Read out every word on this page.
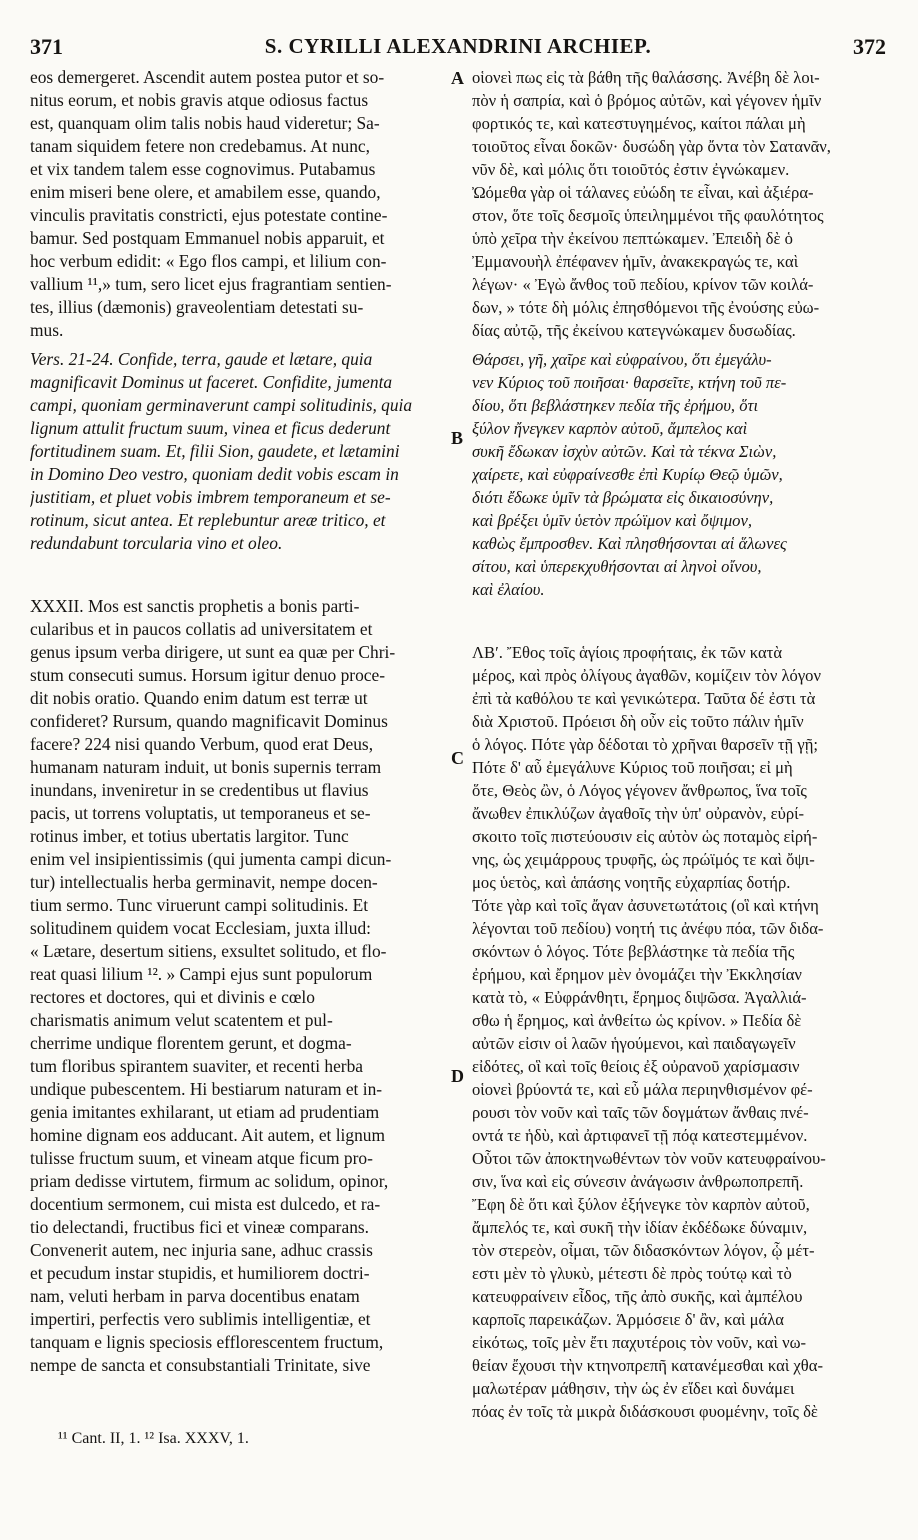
371	S. CYRILLI ALEXANDRINI ARCHIEP.	372
A
B
C
D
eos demergeret. Ascendit autem postea putor et so-
nitus eorum, et nobis gravis atque odiosus factus
est, quanquam olim talis nobis haud videretur; Sa-
tanam siquidem fetere non credebamus. At nunc,
et vix tandem talem esse cognovimus. Putabamus
enim miseri bene olere, et amabilem esse, quando,
vinculis pravitatis constricti, ejus potestate contine-
bamur. Sed postquam Emmanuel nobis apparuit, et
hoc verbum edidit: « Ego flos campi, et lilium con-
vallium ¹¹,» tum, sero licet ejus fragrantiam sentien-
tes, illius (dæmonis) graveolentiam detestati su-
mus.
Vers. 21-24. Confide, terra, gaude et lætare, quia
magnificavit Dominus ut faceret. Confidite, jumenta
campi, quoniam germinaverunt campi solitudinis, quia
lignum attulit fructum suum, vinea et ficus dederunt
fortitudinem suam. Et, filii Sion, gaudete, et lætamini
in Domino Deo vestro, quoniam dedit vobis escam in
justitiam, et pluet vobis imbrem temporaneum et se-
rotinum, sicut antea. Et replebuntur areæ tritico, et
redundabunt torcularia vino et oleo.
XXXII. Mos est sanctis prophetis a bonis parti-
cularibus et in paucos collatis ad universitatem et
genus ipsum verba dirigere, ut sunt ea quæ per Chri-
stum consecuti sumus. Horsum igitur denuo proce-
dit nobis oratio. Quando enim datum est terræ ut
confideret? Rursum, quando magnificavit Dominus
facere? 224 nisi quando Verbum, quod erat Deus,
humanam naturam induit, ut bonis supernis terram
inundans, inveniretur in se credentibus ut flavius
pacis, ut torrens voluptatis, ut temporaneus et se-
rotinus imber, et totius ubertatis largitor. Tunc
enim vel insipientissimis (qui jumenta campi dicun-
tur) intellectualis herba germinavit, nempe docen-
tium sermo. Tunc viruerunt campi solitudinis. Et
solitudinem quidem vocat Ecclesiam, juxta illud:
« Lætare, desertum sitiens, exsultet solitudo, et flo-
reat quasi lilium ¹². » Campi ejus sunt populorum
rectores et doctores, qui et divinis e cœlo
charismatis animum velut scatentem et pul-
cherrime undique florentem gerunt, et dogma-
tum floribus spirantem suaviter, et recenti herba
undique pubescentem. Hi bestiarum naturam et in-
genia imitantes exhilarant, ut etiam ad prudentiam
homine dignam eos adducant. Ait autem, et lignum
tulisse fructum suum, et vineam atque ficum pro-
priam dedisse virtutem, firmum ac solidum, opinor,
docentium sermonem, cui mista est dulcedo, et ra-
tio delectandi, fructibus fici et vineæ comparans.
Convenerit autem, nec injuria sane, adhuc crassis
et pecudum instar stupidis, et humiliorem doctri-
nam, veluti herbam in parva docentibus enatam
impertiri, perfectis vero sublimis intelligentiæ, et
tanquam e lignis speciosis efflorescentem fructum,
nempe de sancta et consubstantiali Trinitate, sive
οἱονεὶ πως εἰς τὰ βάθη τῆς θαλάσσης. Ἀνέβη δὲ λοι-
πὸν ἡ σαπρία, καὶ ὁ βρόμος αὐτῶν, καὶ γέγονεν ἡμῖν
φορτικός τε, καὶ κατεστυγημένος, καίτοι πάλαι μὴ
τοιοῦτος εἶναι δοκῶν· δυσώδη γὰρ ὄντα τὸν Σατανᾶν,
νῦν δὲ, καὶ μόλις ὅτι τοιοῦτός ἐστιν ἐγνώκαμεν.
Ὠόμεθα γὰρ οἱ τάλανες εὐώδη τε εἶναι, καὶ ἀξιέρα-
στον, ὅτε τοῖς δεσμοῖς ὑπειλημμένοι τῆς φαυλότητος
ὑπὸ χεῖρα τὴν ἐκείνου πεπτώκαμεν. Ἐπειδὴ δὲ ὁ
Ἐμμανουὴλ ἐπέφανεν ἡμῖν, ἀνακεκραγώς τε, καὶ
λέγων· « Ἐγὼ ἄνθος τοῦ πεδίου, κρίνον τῶν κοιλά-
δων, » τότε δὴ μόλις ἐπησθόμενοι τῆς ἐνούσης εὐω-
δίας αὐτῷ, τῆς ἐκείνου κατεγνώκαμεν δυσωδίας.
Θάρσει, γῆ, χαῖρε καὶ εὐφραίνου, ὅτι ἐμεγάλυ-
νεν Κύριος τοῦ ποιῆσαι· θαρσεῖτε, κτήνη τοῦ πε-
δίου, ὅτι βεβλάστηκεν πεδία τῆς ἐρήμου, ὅτι
ξύλον ἤνεγκεν καρπὸν αὐτοῦ, ἄμπελος καὶ
συκῆ ἔδωκαν ἰσχὺν αὐτῶν. Καὶ τὰ τέκνα Σιὼν,
χαίρετε, καὶ εὐφραίνεσθε ἐπὶ Κυρίῳ Θεῷ ὑμῶν,
διότι ἔδωκε ὑμῖν τὰ βρώματα εἰς δικαιοσύνην,
καὶ βρέξει ὑμῖν ὑετὸν πρώϊμον καὶ ὄψιμον,
καθὼς ἔμπροσθεν. Καὶ πλησθήσονται αἱ ἅλωνες
σίτου, καὶ ὑπερεκχυθήσονται αἱ ληνοὶ οἴνου,
καὶ ἐλαίου.
ΛΒʹ. Ἔθος τοῖς ἁγίοις προφήταις, ἐκ τῶν κατὰ
μέρος, καὶ πρὸς ὀλίγους ἀγαθῶν, κομίζειν τὸν λόγον
ἐπὶ τὰ καθόλου τε καὶ γενικώτερα. Ταῦτα δέ ἐστι τὰ
διὰ Χριστοῦ. Πρόεισι δὴ οὖν εἰς τοῦτο πάλιν ἡμῖν
ὁ λόγος. Πότε γὰρ δέδοται τὸ χρῆναι θαρσεῖν τῇ γῇ;
Πότε δ' αὖ ἐμεγάλυνε Κύριος τοῦ ποιῆσαι; εἰ μὴ
ὅτε, Θεὸς ὢν, ὁ Λόγος γέγονεν ἄνθρωπος, ἵνα τοῖς
ἄνωθεν ἐπικλύζων ἀγαθοῖς τὴν ὑπ' οὐρανὸν, εὑρί-
σκοιτο τοῖς πιστεύουσιν εἰς αὐτὸν ὡς ποταμὸς εἰρή-
νης, ὡς χειμάρρους τρυφῆς, ὡς πρώϊμός τε καὶ ὄψι-
μος ὑετὸς, καὶ ἁπάσης νοητῆς εὐχαρπίας δοτήρ.
Τότε γὰρ καὶ τοῖς ἄγαν ἀσυνετωτάτοις (οἳ καὶ κτήνη
λέγονται τοῦ πεδίου) νοητή τις ἀνέφυ πόα, τῶν διδα-
σκόντων ὁ λόγος. Τότε βεβλάστηκε τὰ πεδία τῆς
ἐρήμου, καὶ ἔρημον μὲν ὀνομάζει τὴν Ἐκκλησίαν
κατὰ τὸ, « Εὐφράνθητι, ἔρημος διψῶσα. Ἀγαλλιά-
σθω ἡ ἔρημος, καὶ ἀνθείτω ὡς κρίνον. » Πεδία δὲ
αὐτῶν εἰσιν οἱ λαῶν ἡγούμενοι, καὶ παιδαγωγεῖν
εἰδότες, οἳ καὶ τοῖς θείοις ἐξ οὐρανοῦ χαρίσμασιν
οἱονεὶ βρύοντά τε, καὶ εὖ μάλα περιηνθισμένον φέ-
ρουσι τὸν νοῦν καὶ ταῖς τῶν δογμάτων ἄνθαις πνέ-
οντά τε ἡδὺ, καὶ ἀρτιφανεῖ τῇ πόᾳ κατεστεμμένον.
Οὗτοι τῶν ἀποκτηνωθέντων τὸν νοῦν κατευφραίνου-
σιν, ἵνα καὶ εἰς σύνεσιν ἀνάγωσιν ἀνθρωποπρεπῆ.
Ἔφη δὲ ὅτι καὶ ξύλον ἐξήνεγκε τὸν καρπὸν αὐτοῦ,
ἄμπελός τε, καὶ συκῆ τὴν ἰδίαν ἐκδέδωκε δύναμιν,
τὸν στερεὸν, οἶμαι, τῶν διδασκόντων λόγον, ᾧ μέτ-
εστι μὲν τὸ γλυκὺ, μέτεστι δὲ πρὸς τούτῳ καὶ τὸ
κατευφραίνειν εἶδος, τῆς ἀπὸ συκῆς, καὶ ἀμπέλου
καρποῖς παρεικάζων. Ἁρμόσειε δ' ἂν, καὶ μάλα
εἰκότως, τοῖς μὲν ἔτι παχυτέροις τὸν νοῦν, καὶ νω-
θείαν ἔχουσι τὴν κτηνοπρεπῆ κατανέμεσθαι καὶ χθα-
μαλωτέραν μάθησιν, τὴν ὡς ἐν εἴδει καὶ δυνάμει
πόας ἐν τοῖς τὰ μικρὰ διδάσκουσι φυομένην, τοῖς δὲ
¹¹ Cant. II, 1. ¹² Isa. XXXV, 1.
